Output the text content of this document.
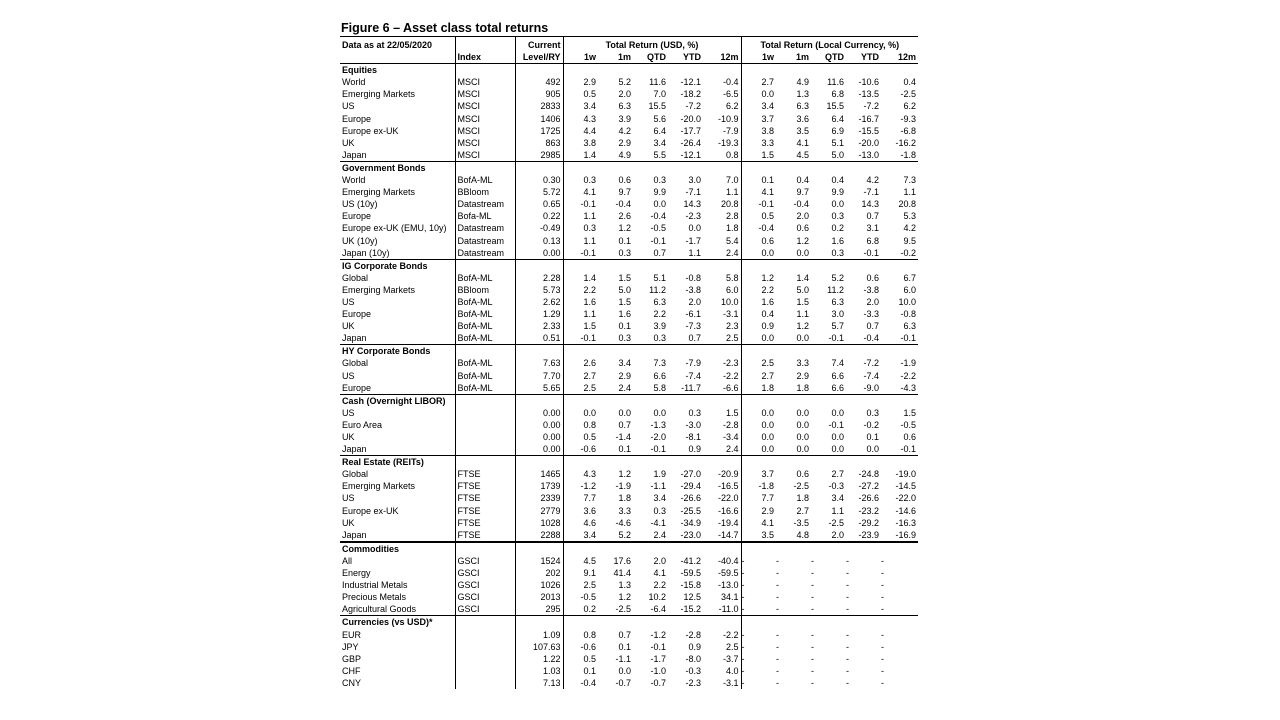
Figure 6 – Asset class total returns
Data as at 22/05/2020		Current	Total Return (USD, %)					Total Return (Local Currency, %)				
	Index	Level/RY	1w	1m	QTD	YTD	12m	1w	1m	QTD	YTD	12m
Equities												
World	MSCI	492	2.9	5.2	11.6	-12.1	-0.4	2.7	4.9	11.6	-10.6	0.4
Emerging Markets	MSCI	905	0.5	2.0	7.0	-18.2	-6.5	0.0	1.3	6.8	-13.5	-2.5
US	MSCI	2833	3.4	6.3	15.5	-7.2	6.2	3.4	6.3	15.5	-7.2	6.2
Europe	MSCI	1406	4.3	3.9	5.6	-20.0	-10.9	3.7	3.6	6.4	-16.7	-9.3
Europe ex-UK	MSCI	1725	4.4	4.2	6.4	-17.7	-7.9	3.8	3.5	6.9	-15.5	-6.8
UK	MSCI	863	3.8	2.9	3.4	-26.4	-19.3	3.3	4.1	5.1	-20.0	-16.2
Japan	MSCI	2985	1.4	4.9	5.5	-12.1	0.8	1.5	4.5	5.0	-13.0	-1.8
Government Bonds												
World	BofA-ML	0.30	0.3	0.6	0.3	3.0	7.0	0.1	0.4	0.4	4.2	7.3
Emerging Markets	BBloom	5.72	4.1	9.7	9.9	-7.1	1.1	4.1	9.7	9.9	-7.1	1.1
US (10y)	Datastream	0.65	-0.1	-0.4	0.0	14.3	20.8	-0.1	-0.4	0.0	14.3	20.8
Europe	Bofa-ML	0.22	1.1	2.6	-0.4	-2.3	2.8	0.5	2.0	0.3	0.7	5.3
Europe ex-UK (EMU, 10y)	Datastream	-0.49	0.3	1.2	-0.5	0.0	1.8	-0.4	0.6	0.2	3.1	4.2
UK (10y)	Datastream	0.13	1.1	0.1	-0.1	-1.7	5.4	0.6	1.2	1.6	6.8	9.5
Japan (10y)	Datastream	0.00	-0.1	0.3	0.7	1.1	2.4	0.0	0.0	0.3	-0.1	-0.2
IG Corporate Bonds												
Global	BofA-ML	2.28	1.4	1.5	5.1	-0.8	5.8	1.2	1.4	5.2	0.6	6.7
Emerging Markets	BBloom	5.73	2.2	5.0	11.2	-3.8	6.0	2.2	5.0	11.2	-3.8	6.0
US	BofA-ML	2.62	1.6	1.5	6.3	2.0	10.0	1.6	1.5	6.3	2.0	10.0
Europe	BofA-ML	1.29	1.1	1.6	2.2	-6.1	-3.1	0.4	1.1	3.0	-3.3	-0.8
UK	BofA-ML	2.33	1.5	0.1	3.9	-7.3	2.3	0.9	1.2	5.7	0.7	6.3
Japan	BofA-ML	0.51	-0.1	0.3	0.3	0.7	2.5	0.0	0.0	-0.1	-0.4	-0.1
HY Corporate Bonds												
Global	BofA-ML	7.63	2.6	3.4	7.3	-7.9	-2.3	2.5	3.3	7.4	-7.2	-1.9
US	BofA-ML	7.70	2.7	2.9	6.6	-7.4	-2.2	2.7	2.9	6.6	-7.4	-2.2
Europe	BofA-ML	5.65	2.5	2.4	5.8	-11.7	-6.6	1.8	1.8	6.6	-9.0	-4.3
Cash (Overnight LIBOR)												
US		0.00	0.0	0.0	0.0	0.3	1.5	0.0	0.0	0.0	0.3	1.5
Euro Area		0.00	0.8	0.7	-1.3	-3.0	-2.8	0.0	0.0	-0.1	-0.2	-0.5
UK		0.00	0.5	-1.4	-2.0	-8.1	-3.4	0.0	0.0	0.0	0.1	0.6
Japan		0.00	-0.6	0.1	-0.1	0.9	2.4	0.0	0.0	0.0	0.0	-0.1
Real Estate (REITs)												
Global	FTSE	1465	4.3	1.2	1.9	-27.0	-20.9	3.7	0.6	2.7	-24.8	-19.0
Emerging Markets	FTSE	1739	-1.2	-1.9	-1.1	-29.4	-16.5	-1.8	-2.5	-0.3	-27.2	-14.5
US	FTSE	2339	7.7	1.8	3.4	-26.6	-22.0	7.7	1.8	3.4	-26.6	-22.0
Europe ex-UK	FTSE	2779	3.6	3.3	0.3	-25.5	-16.6	2.9	2.7	1.1	-23.2	-14.6
UK	FTSE	1028	4.6	-4.6	-4.1	-34.9	-19.4	4.1	-3.5	-2.5	-29.2	-16.3
Japan	FTSE	2288	3.4	5.2	2.4	-23.0	-14.7	3.5	4.8	2.0	-23.9	-16.9
Commodities												
All	GSCI	1524	4.5	17.6	2.0	-41.2	-40.4	-	-	-	-	-
Energy	GSCI	202	9.1	41.4	4.1	-59.5	-59.5	-	-	-	-	-
Industrial Metals	GSCI	1026	2.5	1.3	2.2	-15.8	-13.0	-	-	-	-	-
Precious Metals	GSCI	2013	-0.5	1.2	10.2	12.5	34.1	-	-	-	-	-
Agricultural Goods	GSCI	295	0.2	-2.5	-6.4	-15.2	-11.0	-	-	-	-	-
Currencies (vs USD)*												
EUR		1.09	0.8	0.7	-1.2	-2.8	-2.2	-	-	-	-	-
JPY		107.63	-0.6	0.1	-0.1	0.9	2.5	-	-	-	-	-
GBP		1.22	0.5	-1.1	-1.7	-8.0	-3.7	-	-	-	-	-
CHF		1.03	0.1	0.0	-1.0	-0.3	4.0	-	-	-	-	-
CNY		7.13	-0.4	-0.7	-0.7	-2.3	-3.1	-	-	-	-	-
